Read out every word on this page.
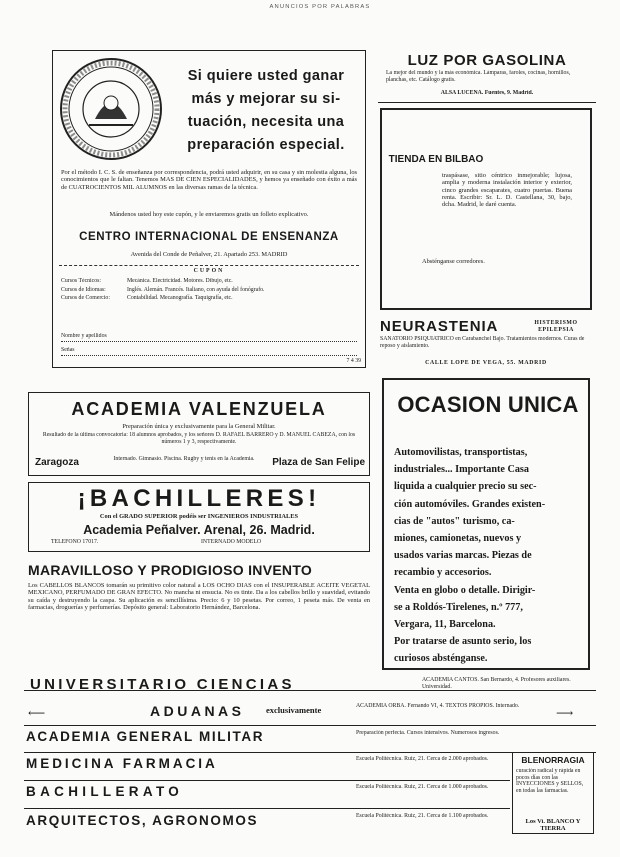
ANUNCIOS POR PALABRAS

Si quiere usted ganar

más y mejorar su si-

tuación, necesita una

preparación especial.

Por el método I. C. S. de enseñanza por correspondencia, podrá usted adquirir, en su casa y sin molestia alguna, los conocimientos que le faltan. Tenemos MAS DE CIEN ESPECIALIDADES, y hemos ya enseñado con éxito a más de CUATROCIENTOS MIL ALUMNOS en las diversas ramas de la técnica.
Mándenos usted hoy este cupón, y le enviaremos gratis un folleto explicativo.
CENTRO INTERNACIONAL DE ENSEÑANZA
Avenida del Conde de Peñalver, 21. Apartado 253. MADRID
CUPON
Cursos Técnicos:	Mecánica. Electricidad. Motores. Dibujo, etc.
Cursos de Idiomas:	Inglés. Alemán. Francés. Italiano, con ayuda del fonógrafo.
Cursos de Comercio:	Contabilidad. Mecanografía. Taquigrafía, etc.
Nombre y apellidos
Señas
7 4 39
ACADEMIA VALENZUELA
Preparación única y exclusivamente para la General Militar.
Resultado de la última convocatoria: 18 alumnos aprobados, y los señores D. RAFAEL BARRERO y D. MANUEL CABEZA, con los números 1 y 3, respectivamente.
Zaragoza	Internado. Gimnasio. Piscina. Rugby y tenis en la Academia.	Plaza de San Felipe
¡BACHILLERES!
Con el GRADO SUPERIOR podéis ser INGENIEROS INDUSTRIALES
Academia Peñalver. Arenal, 26. Madrid.
TELEFONO 17017.	INTERNADO MODELO
MARAVILLOSO Y PRODIGIOSO INVENTO
Los CABELLOS BLANCOS tomarán su primitivo color natural a LOS OCHO DIAS con el INSUPERABLE ACEITE VEGETAL MEXICANO, PERFUMADO DE GRAN EFECTO. No mancha ni ensucia. No es tinte. Da a los cabellos brillo y suavidad, evitando su caída y destruyendo la caspa. Su aplicación es sencillísima. Precio: 6 y 10 pesetas. Por correo, 1 peseta más. De venta en farmacias, droguerías y perfumerías. Depósito general: Laboratorio Hernández, Barcelona.
LUZ POR GASOLINA
La mejor del mundo y la más económica. Lámparas, faroles, cocinas, hornillos, planchas, etc. Catálogo gratis.
ALSA LUCENA. Fuentes, 9. Madrid.
TIENDA EN BILBAO
traspásase, sitio céntrico inmejorable; lujosa, amplia y moderna instalación interior y exterior, cinco grandes escaparates, cuatro puertas. Buena renta. Escribir: Sr. L. D. Castellana, 30, bajo, dcha. Madrid, le daré cuenta.
Absténganse corredores.
NEURASTENIA	HISTERISMO EPILEPSIA
SANATORIO PSIQUIATRICO en Carabanchel Bajo. Tratamientos modernos. Curas de reposo y aislamiento.
CALLE LOPE DE VEGA, 55. MADRID
OCASION UNICA

Automovilistas, transportistas,

industriales... Importante Casa

liquida a cualquier precio su sec-

ción automóviles. Grandes existen-

cias de "autos" turismo, ca-

miones, camionetas, nuevos y

usados varias marcas. Piezas de

recambio y accesorios.

Venta en globo o detalle. Dirigir-

se a Roldós-Tirelenes, n.º 777,

Vergara, 11, Barcelona.

Por tratarse de asunto serio, los

curiosos absténganse.

UNIVERSITARIO CIENCIAS	ACADEMIA CANTOS. San Bernardo, 4. Profesores auxiliares. Universidad.
⟵	ADUANAS	exclusivamente	ACADEMIA ORBA. Fernando VI, 4. TEXTOS PROPIOS. Internado.	⟶
ACADEMIA GENERAL MILITAR	Preparación perfecta. Cursos intensivos. Numerosos ingresos.
MEDICINA FARMACIA	Escuela Politécnica. Ruiz, 21. Cerca de 2.000 aprobados.
BACHILLERATO	Escuela Politécnica. Ruiz, 21. Cerca de 1.000 aprobados.
ARQUITECTOS, AGRONOMOS	Escuela Politécnica. Ruiz, 21. Cerca de 1.100 aprobados.
BLENORRAGIA
curación radical y rápida en pocos días con las INYECCIONES y SELLOS, en todas las farmacias.
Los Vi. BLANCO Y TIERRA
